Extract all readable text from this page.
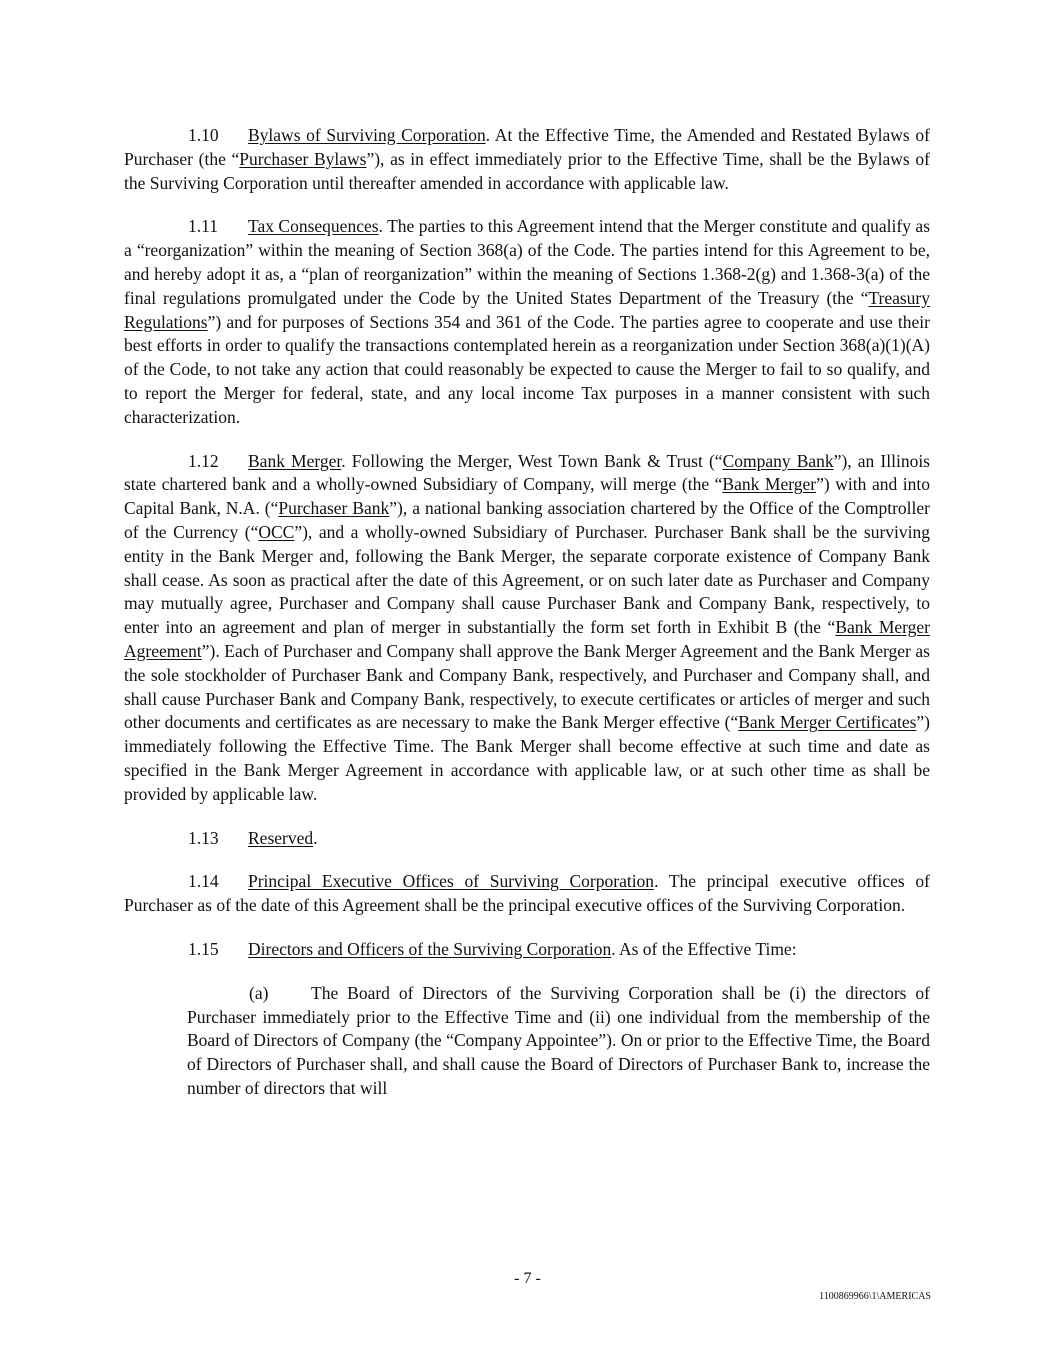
1.10 Bylaws of Surviving Corporation. At the Effective Time, the Amended and Restated Bylaws of Purchaser (the “Purchaser Bylaws”), as in effect immediately prior to the Effective Time, shall be the Bylaws of the Surviving Corporation until thereafter amended in accordance with applicable law.

1.11 Tax Consequences. The parties to this Agreement intend that the Merger constitute and qualify as a “reorganization” within the meaning of Section 368(a) of the Code. The parties intend for this Agreement to be, and hereby adopt it as, a “plan of reorganization” within the meaning of Sections 1.368-2(g) and 1.368-3(a) of the final regulations promulgated under the Code by the United States Department of the Treasury (the “Treasury Regulations”) and for purposes of Sections 354 and 361 of the Code. The parties agree to cooperate and use their best efforts in order to qualify the transactions contemplated herein as a reorganization under Section 368(a)(1)(A) of the Code, to not take any action that could reasonably be expected to cause the Merger to fail to so qualify, and to report the Merger for federal, state, and any local income Tax purposes in a manner consistent with such characterization.

1.12 Bank Merger. Following the Merger, West Town Bank & Trust (“Company Bank”), an Illinois state chartered bank and a wholly-owned Subsidiary of Company, will merge (the “Bank Merger”) with and into Capital Bank, N.A. (“Purchaser Bank”), a national banking association chartered by the Office of the Comptroller of the Currency (“OCC”), and a wholly-owned Subsidiary of Purchaser. Purchaser Bank shall be the surviving entity in the Bank Merger and, following the Bank Merger, the separate corporate existence of Company Bank shall cease. As soon as practical after the date of this Agreement, or on such later date as Purchaser and Company may mutually agree, Purchaser and Company shall cause Purchaser Bank and Company Bank, respectively, to enter into an agreement and plan of merger in substantially the form set forth in Exhibit B (the “Bank Merger Agreement”). Each of Purchaser and Company shall approve the Bank Merger Agreement and the Bank Merger as the sole stockholder of Purchaser Bank and Company Bank, respectively, and Purchaser and Company shall, and shall cause Purchaser Bank and Company Bank, respectively, to execute certificates or articles of merger and such other documents and certificates as are necessary to make the Bank Merger effective (“Bank Merger Certificates”) immediately following the Effective Time. The Bank Merger shall become effective at such time and date as specified in the Bank Merger Agreement in accordance with applicable law, or at such other time as shall be provided by applicable law.

1.13 Reserved.

1.14 Principal Executive Offices of Surviving Corporation. The principal executive offices of Purchaser as of the date of this Agreement shall be the principal executive offices of the Surviving Corporation.

1.15 Directors and Officers of the Surviving Corporation. As of the Effective Time:

(a) The Board of Directors of the Surviving Corporation shall be (i) the directors of Purchaser immediately prior to the Effective Time and (ii) one individual from the membership of the Board of Directors of Company (the “Company Appointee”). On or prior to the Effective Time, the Board of Directors of Purchaser shall, and shall cause the Board of Directors of Purchaser Bank to, increase the number of directors that will

- 7 -
1100869966\1\AMERICAS
